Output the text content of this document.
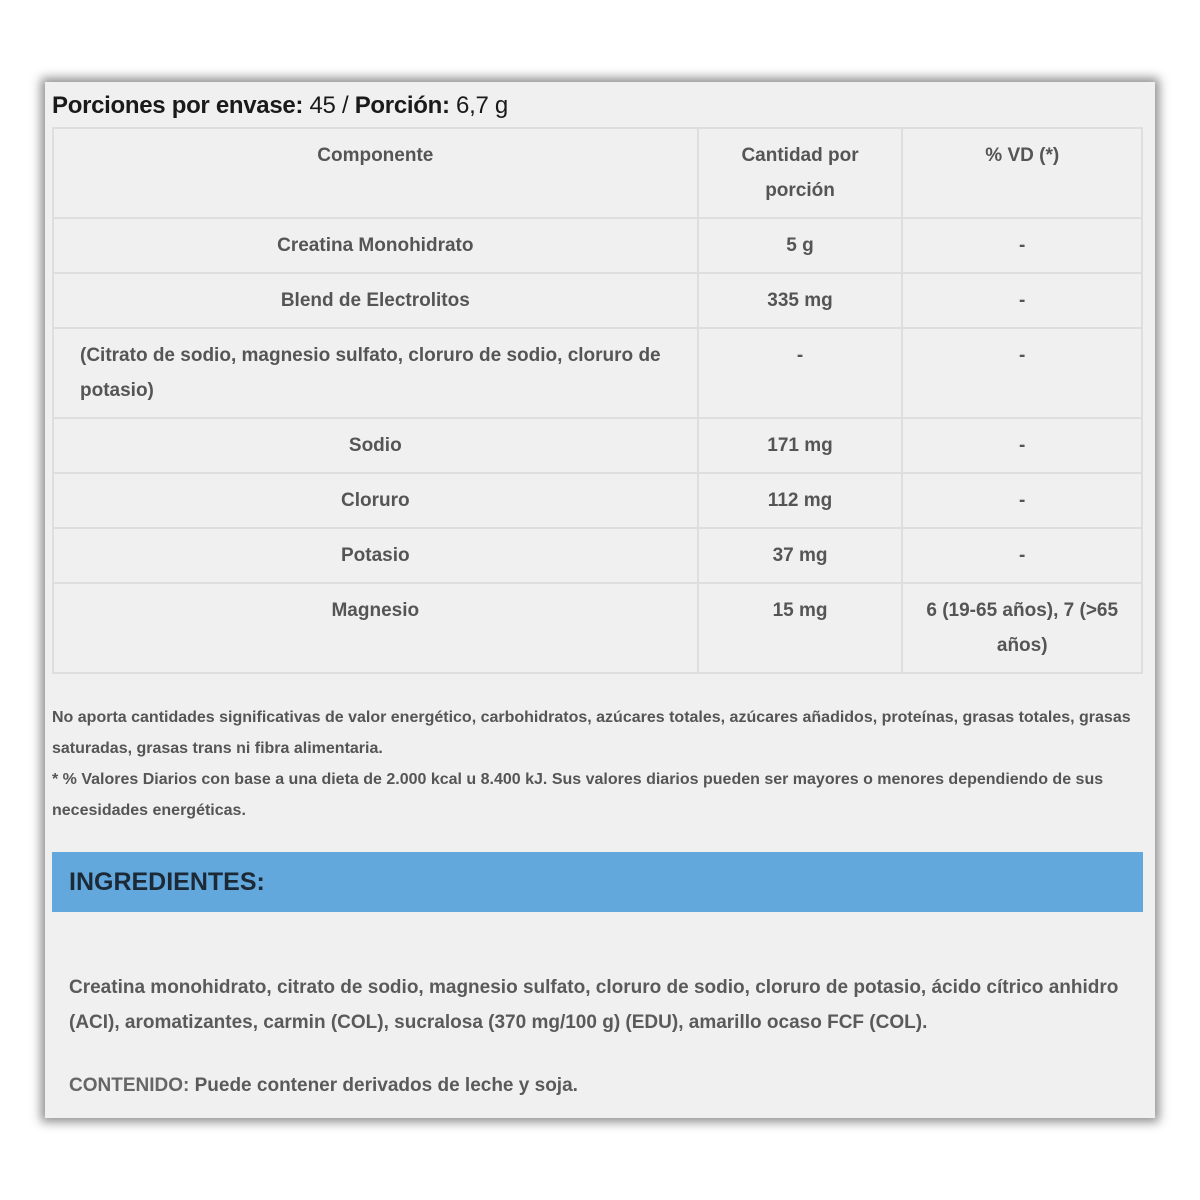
Porciones por envase: 45 / Porción: 6,7 g
Componente	Cantidad por porción	% VD (*)
Creatina Monohidrato	5 g	-
Blend de Electrolitos	335 mg	-
(Citrato de sodio, magnesio sulfato, cloruro de sodio, cloruro de potasio)	-	-
Sodio	171 mg	-
Cloruro	112 mg	-
Potasio	37 mg	-
Magnesio	15 mg	6 (19-65 años), 7 (>65 años)
No aporta cantidades significativas de valor energético, carbohidratos, azúcares totales, azúcares añadidos, proteínas, grasas totales, grasas saturadas, grasas trans ni fibra alimentaria.
* % Valores Diarios con base a una dieta de 2.000 kcal u 8.400 kJ. Sus valores diarios pueden ser mayores o menores dependiendo de sus necesidades energéticas.
INGREDIENTES:
Creatina monohidrato, citrato de sodio, magnesio sulfato, cloruro de sodio, cloruro de potasio, ácido cítrico anhidro (ACI), aromatizantes, carmin (COL), sucralosa (370 mg/100 g) (EDU), amarillo ocaso FCF (COL).
CONTENIDO: Puede contener derivados de leche y soja.
